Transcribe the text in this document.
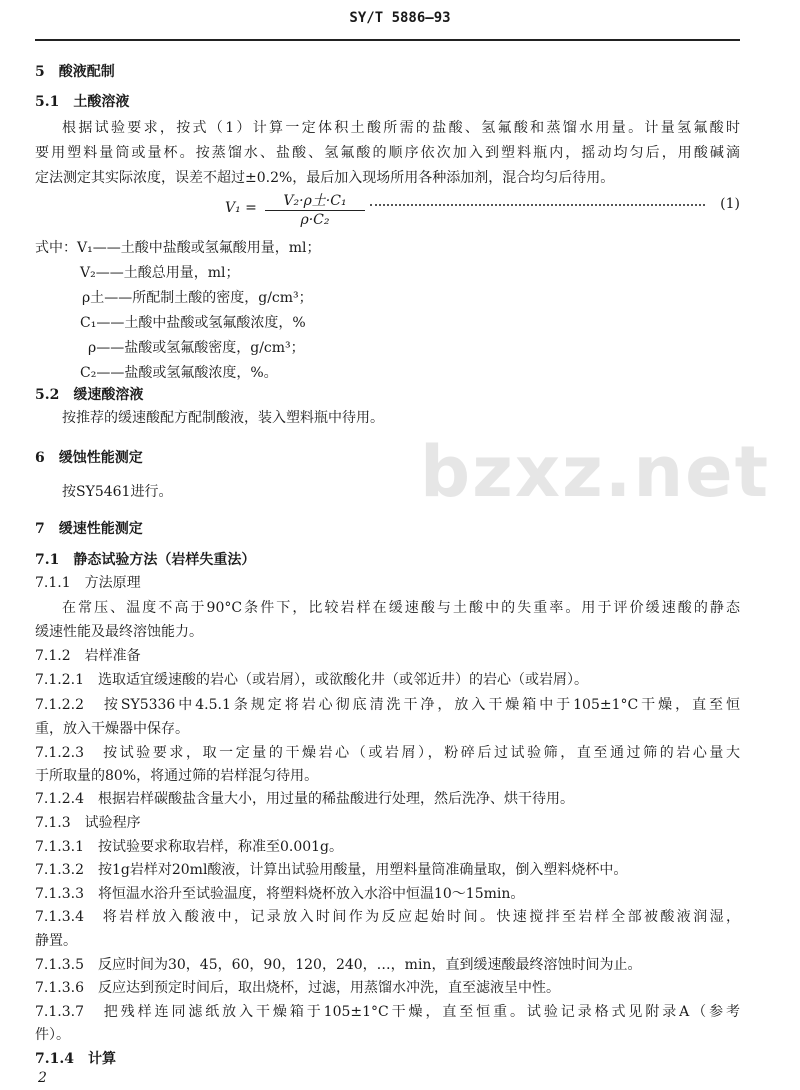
SY/T 5886—93
bzxz.net
5　酸液配制
5.1　土酸溶液
根据试验要求，按式（1）计算一定体积土酸所需的盐酸、氢氟酸和蒸馏水用量。计量氢氟酸时
要用塑料量筒或量杯。按蒸馏水、盐酸、氢氟酸的顺序依次加入到塑料瓶内，摇动均匀后，用酸碱滴
定法测定其实际浓度，误差不超过±0.2%，最后加入现场所用各种添加剂，混合均匀后待用。
V₁ =	V₂·ρ土·C₁
ρ·C₂
(1)
式中：V₁——土酸中盐酸或氢氟酸用量，ml；
V₂——土酸总用量，ml；
ρ土——所配制土酸的密度，g/cm³；
C₁——土酸中盐酸或氢氟酸浓度，%
ρ——盐酸或氢氟酸密度，g/cm³；
C₂——盐酸或氢氟酸浓度，%。
5.2　缓速酸溶液
按推荐的缓速酸配方配制酸液，装入塑料瓶中待用。
6　缓蚀性能测定
按SY5461进行。
7　缓速性能测定
7.1　静态试验方法（岩样失重法）
7.1.1　方法原理
在常压、温度不高于90°C条件下，比较岩样在缓速酸与土酸中的失重率。用于评价缓速酸的静态
缓速性能及最终溶蚀能力。
7.1.2　岩样准备
7.1.2.1　选取适宜缓速酸的岩心（或岩屑），或欲酸化井（或邻近井）的岩心（或岩屑）。
7.1.2.2　按SY5336中4.5.1条规定将岩心彻底清洗干净，放入干燥箱中于105±1°C干燥，直至恒
重，放入干燥器中保存。
7.1.2.3　按试验要求，取一定量的干燥岩心（或岩屑），粉碎后过试验筛，直至通过筛的岩心量大
于所取量的80%，将通过筛的岩样混匀待用。
7.1.2.4　根据岩样碳酸盐含量大小，用过量的稀盐酸进行处理，然后洗净、烘干待用。
7.1.3　试验程序
7.1.3.1　按试验要求称取岩样，称准至0.001g。
7.1.3.2　按1g岩样对20ml酸液，计算出试验用酸量，用塑料量筒准确量取，倒入塑料烧杯中。
7.1.3.3　将恒温水浴升至试验温度，将塑料烧杯放入水浴中恒温10～15min。
7.1.3.4　将岩样放入酸液中，记录放入时间作为反应起始时间。快速搅拌至岩样全部被酸液润湿，
静置。
7.1.3.5　反应时间为30，45，60，90，120，240，…，min，直到缓速酸最终溶蚀时间为止。
7.1.3.6　反应达到预定时间后，取出烧杯，过滤，用蒸馏水冲洗，直至滤液呈中性。
7.1.3.7　把残样连同滤纸放入干燥箱于105±1°C干燥，直至恒重。试验记录格式见附录A（参考
件）。
7.1.4　计算
2
